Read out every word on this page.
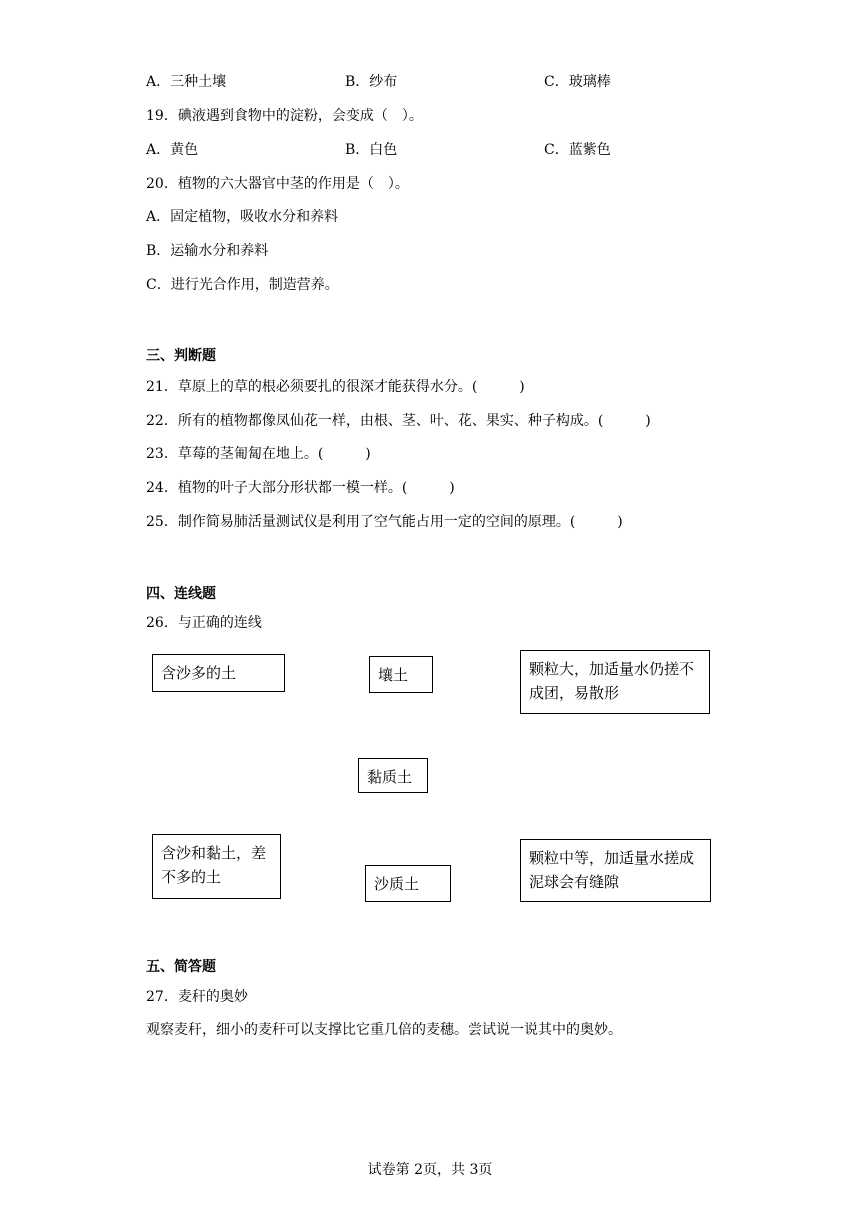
A．三种土壤	B．纱布	C．玻璃棒
19．碘液遇到食物中的淀粉，会变成（　）。
A．黄色	B．白色	C．蓝紫色
20．植物的六大器官中茎的作用是（　）。
A．固定植物，吸收水分和养料
B．运输水分和养料
C．进行光合作用，制造营养。
三、判断题
21．草原上的草的根必须要扎的很深才能获得水分。(　　　)
22．所有的植物都像凤仙花一样，由根、茎、叶、花、果实、种子构成。(　　　)
23．草莓的茎匍匐在地上。(　　　)
24．植物的叶子大部分形状都一模一样。(　　　)
25．制作简易肺活量测试仪是利用了空气能占用一定的空间的原理。(　　　)
四、连线题
26．与正确的连线
含沙多的土	壤土	颗粒大，加适量水仍搓不
成团，易散形
黏质土
含沙和黏土，差
不多的土	沙质土
颗粒中等，加适量水搓成
泥球会有缝隙
五、简答题
27．麦秆的奥妙
观察麦秆，细小的麦秆可以支撑比它重几倍的麦穗。尝试说一说其中的奥妙。
试卷第 2页，共 3页
